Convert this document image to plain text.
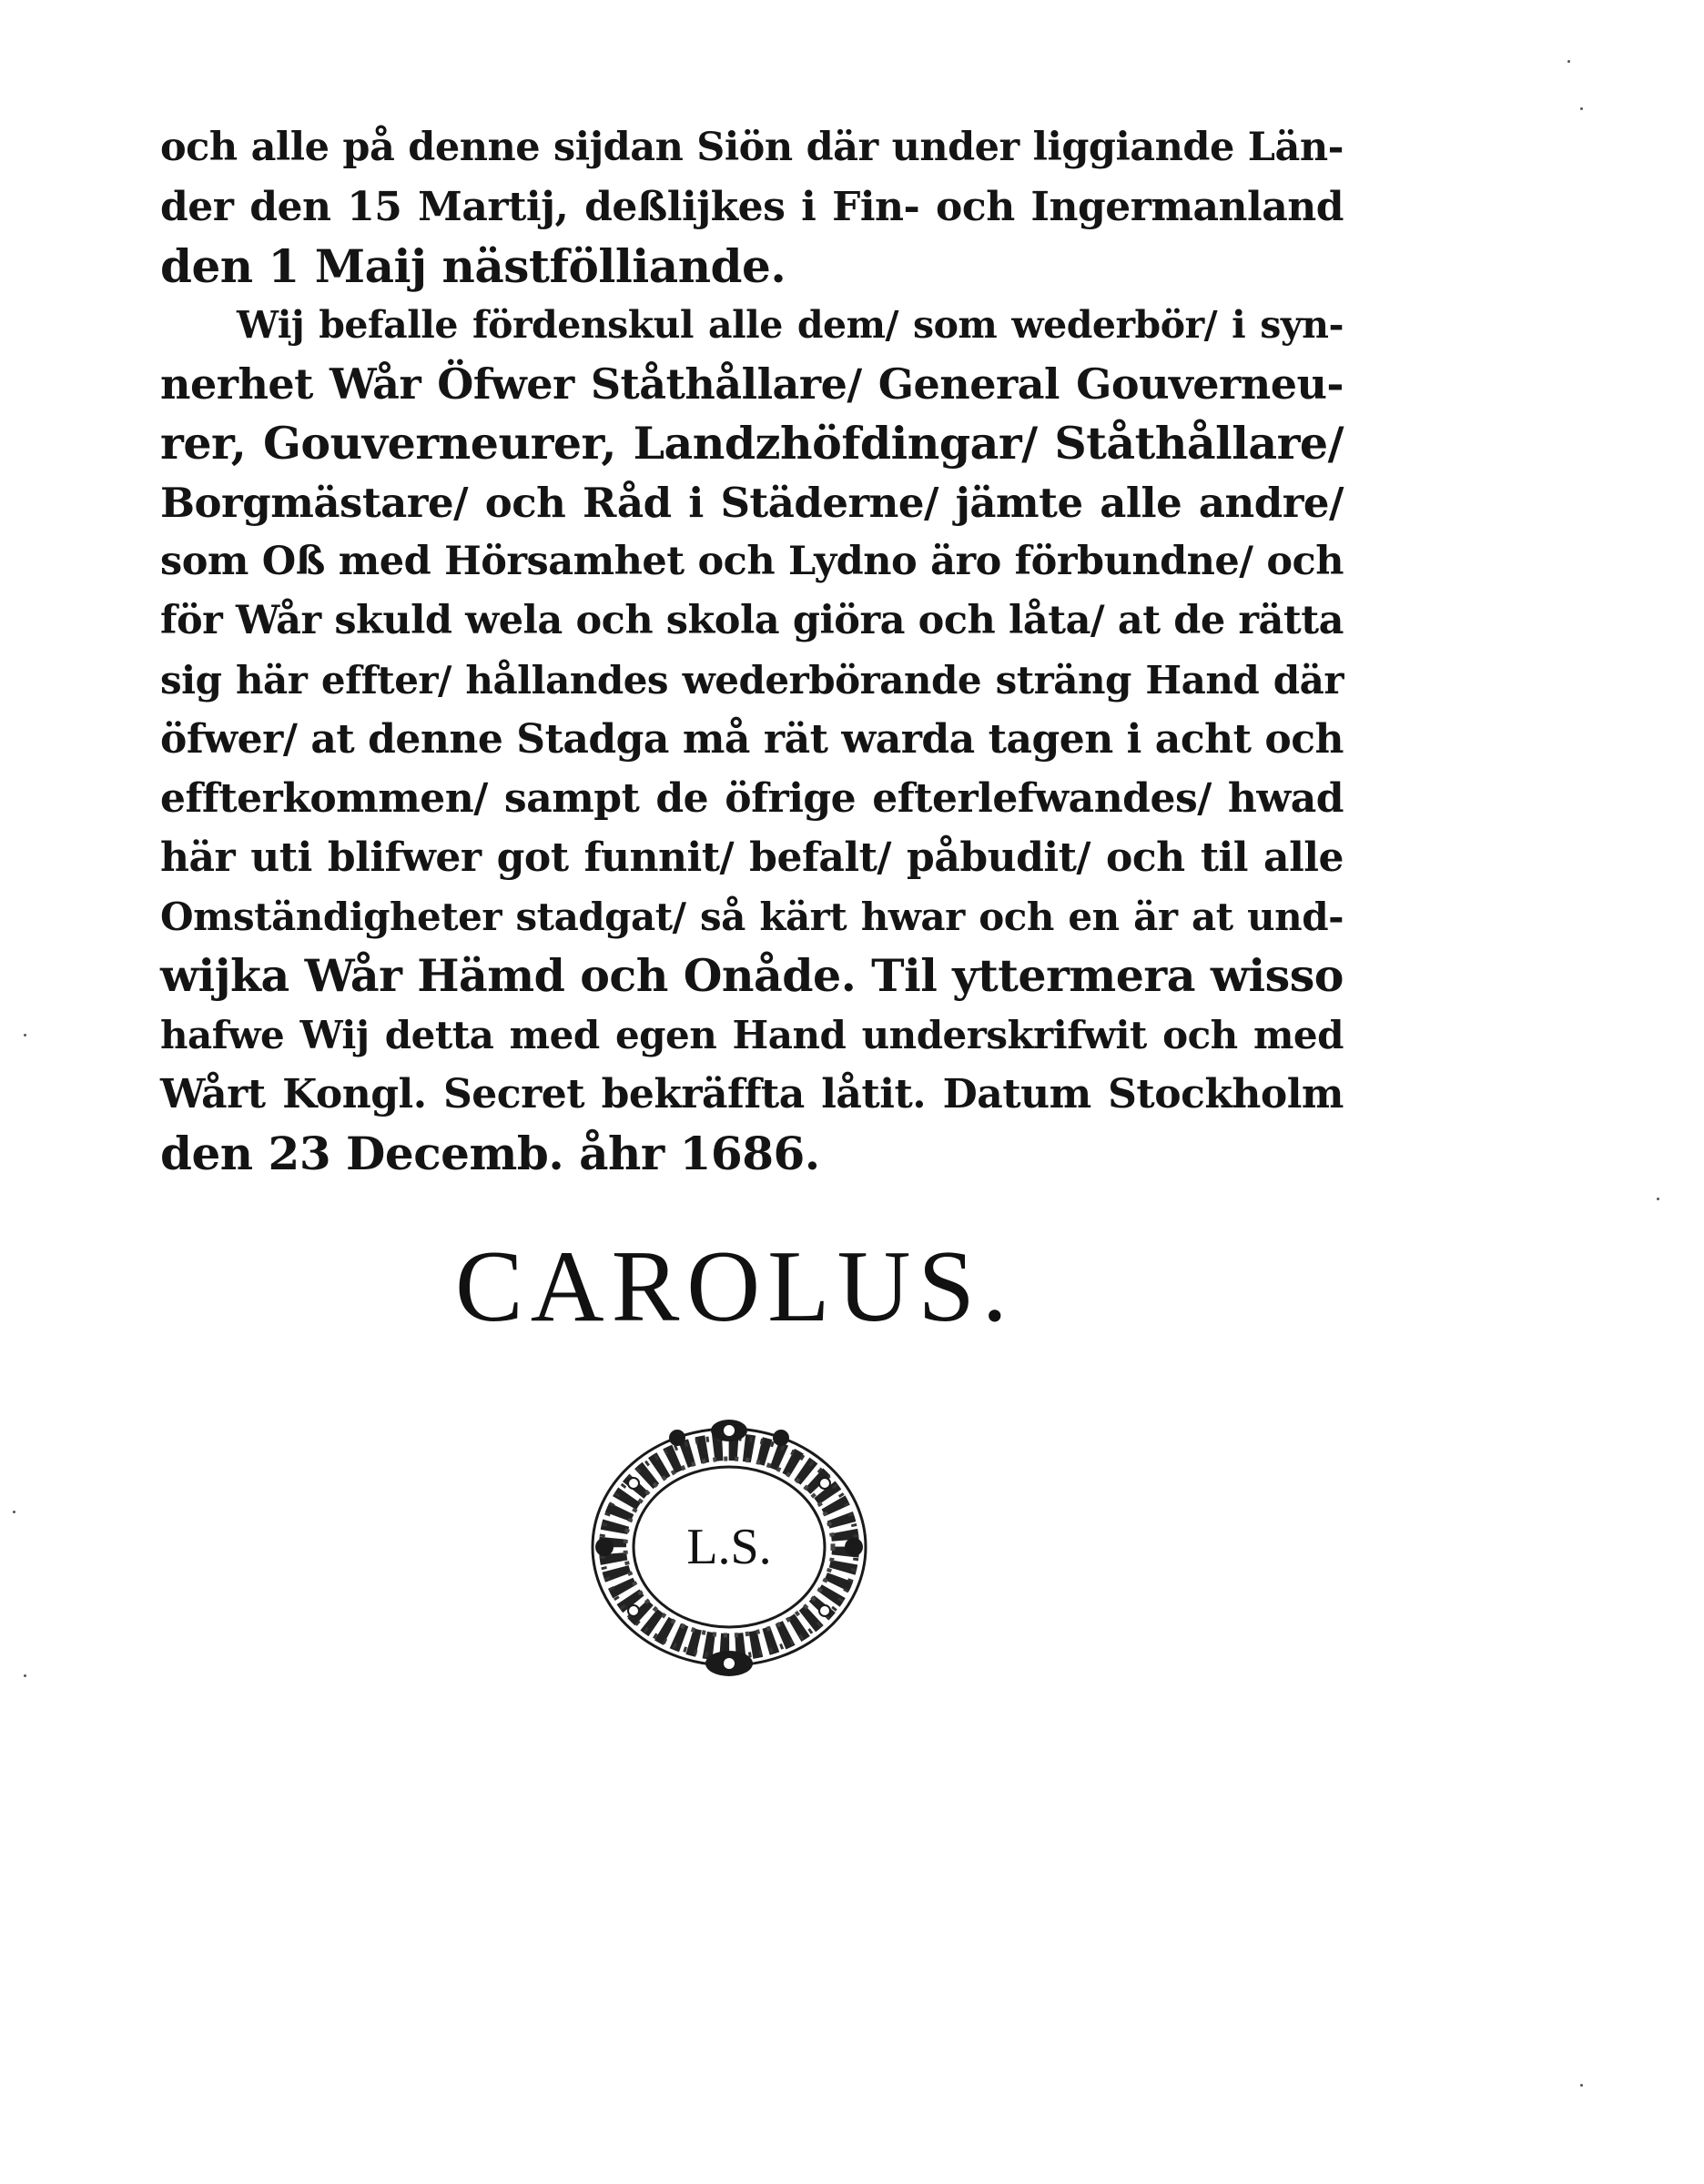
och alle på denne sijdan Siön där under liggiande Län-
der den 15 Martij, deßlijkes i Fin- och Ingermanland
den 1 Maij nästfölliande.
Wij befalle fördenskul alle dem/ som wederbör/ i syn-
nerhet Wår Öfwer Ståthållare/ General Gouverneu-
rer, Gouverneurer, Landzhöfdingar/ Ståthållare/
Borgmästare/ och Råd i Städerne/ jämte alle andre/
som Oß med Hörsamhet och Lydno äro förbundne/ och
för Wår skuld wela och skola giöra och låta/ at de rätta
sig här effter/ hållandes wederbörande sträng Hand där
öfwer/ at denne Stadga må rät warda tagen i acht och
effterkommen/ sampt de öfrige efterlefwandes/ hwad
här uti blifwer got funnit/ befalt/ påbudit/ och til alle
Omständigheter stadgat/ så kärt hwar och en är at und-
wijka Wår Hämd och Onåde. Til yttermera wisso
hafwe Wij detta med egen Hand underskrifwit och med
Wårt Kongl. Secret bekräffta låtit. Datum Stockholm
den 23 Decemb. åhr 1686.
CAROLUS.
L.S.
